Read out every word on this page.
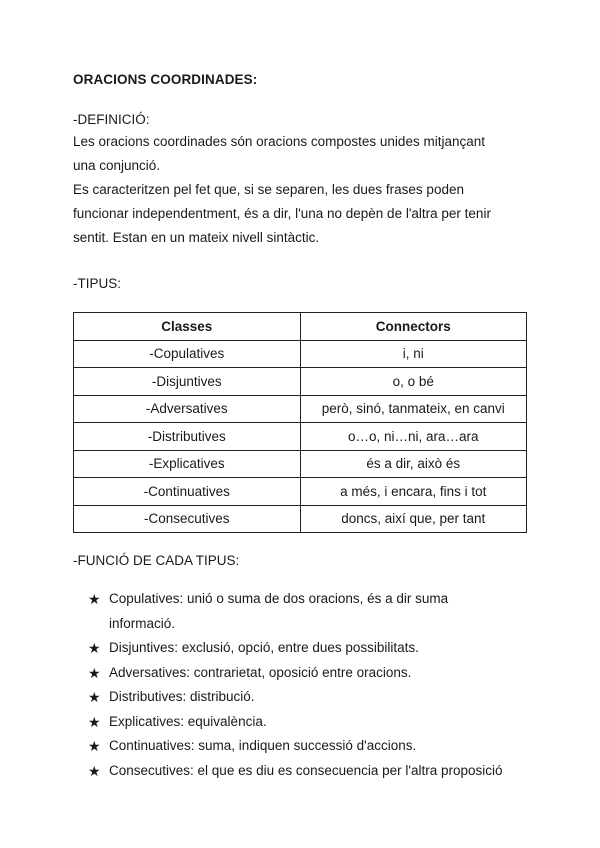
ORACIONS COORDINADES:
-DEFINICIÓ:
Les oracions coordinades són oracions compostes unides mitjançant
una conjunció.
Es caracteritzen pel fet que, si se separen, les dues frases poden
funcionar independentment, és a dir, l'una no depèn de l'altra per tenir
sentit. Estan en un mateix nivell sintàctic.
-TIPUS:
Classes	Connectors
-Copulatives	i, ni
-Disjuntives	o, o bé
-Adversatives	però, sinó, tanmateix, en canvi
-Distributives	o…o, ni…ni, ara…ara
-Explicatives	és a dir, això és
-Continuatives	a més, i encara, fins i tot
-Consecutives	doncs, així que, per tant
-FUNCIÓ DE CADA TIPUS:
★ Copulatives: unió o suma de dos oracions, és a dir suma
informació.
★ Disjuntives: exclusió, opció, entre dues possibilitats.
★ Adversatives: contrarietat, oposició entre oracions.
★ Distributives: distribució.
★ Explicatives: equivalència.
★ Continuatives: suma, indiquen successió d'accions.
★ Consecutives: el que es diu es consecuencia per l'altra proposició
